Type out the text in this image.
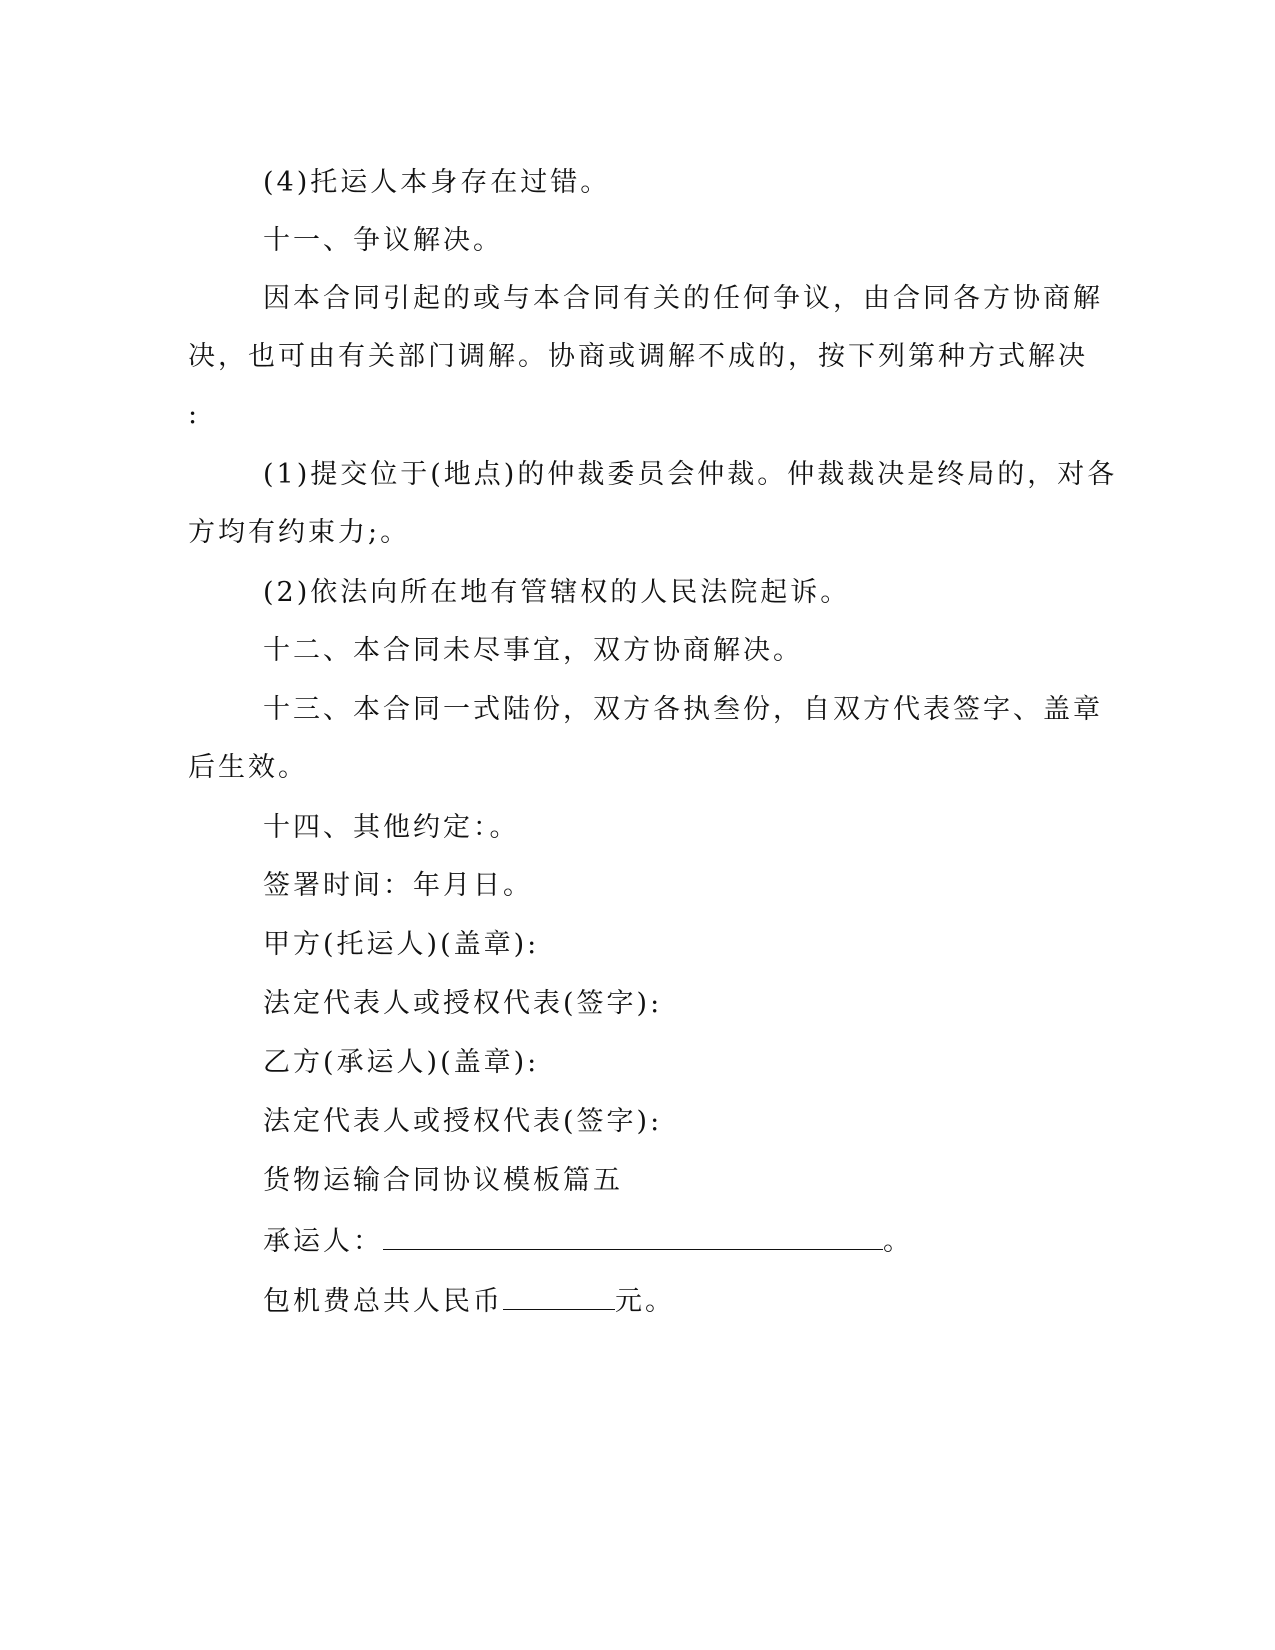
(4)托运人本身存在过错。
十一、争议解决。
因本合同引起的或与本合同有关的任何争议，由合同各方协商解
决，也可由有关部门调解。协商或调解不成的，按下列第种方式解决
:
(1)提交位于(地点)的仲裁委员会仲裁。仲裁裁决是终局的，对各
方均有约束力;。
(2)依法向所在地有管辖权的人民法院起诉。
十二、本合同未尽事宜，双方协商解决。
十三、本合同一式陆份，双方各执叁份，自双方代表签字、盖章
后生效。
十四、其他约定：。
签署时间：年月日。
甲方(托运人)(盖章):
法定代表人或授权代表(签字):
乙方(承运人)(盖章):
法定代表人或授权代表(签字):
货物运输合同协议模板篇五
承运人：	。
包机费总共人民币	元。
